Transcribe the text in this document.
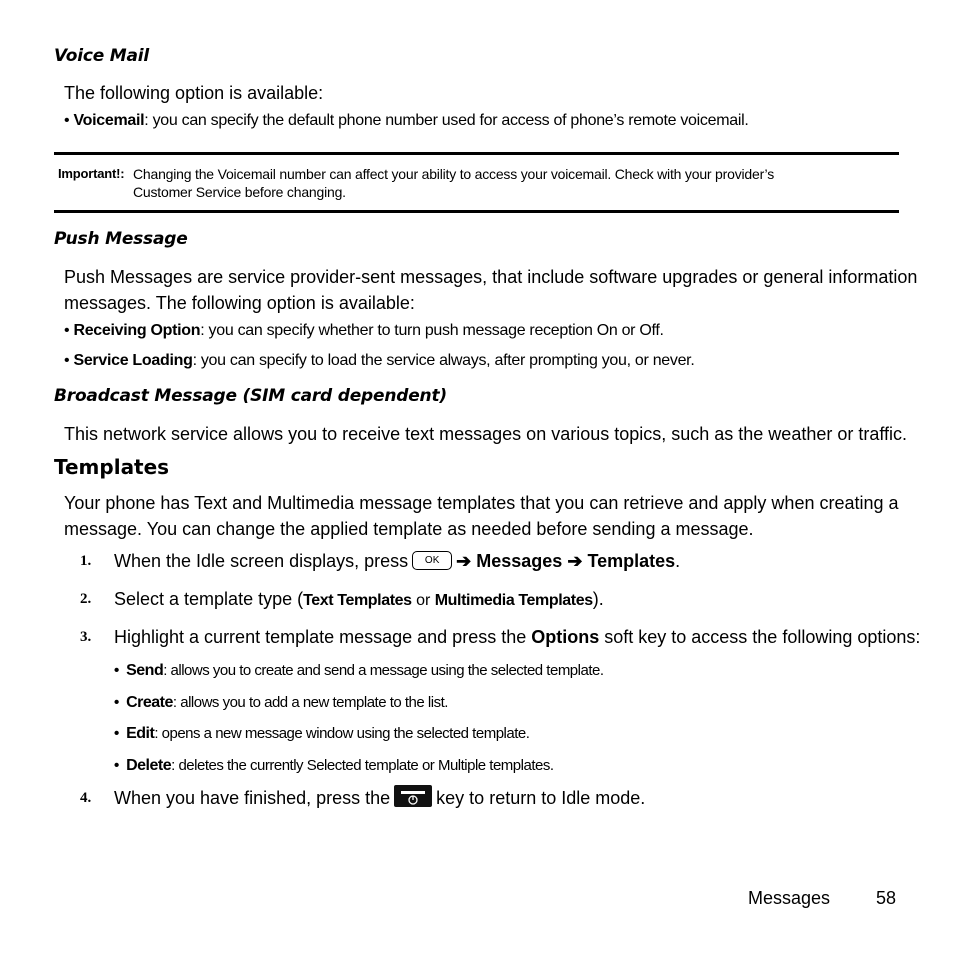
Voice Mail
The following option is available:
• Voicemail: you can specify the default phone number used for access of phone’s remote voicemail.
Important!: Changing the Voicemail number can affect your ability to access your voicemail. Check with your provider’s
Customer Service before changing.
Push Message
Push Messages are service provider-sent messages, that include software upgrades or general information
messages. The following option is available:
• Receiving Option: you can specify whether to turn push message reception On or Off.
• Service Loading: you can specify to load the service always, after prompting you, or never.
Broadcast Message (SIM card dependent)
This network service allows you to receive text messages on various topics, such as the weather or traffic.
Templates
Your phone has Text and Multimedia message templates that you can retrieve and apply when creating a
message. You can change the applied template as needed before sending a message.
1. When the Idle screen displays, press OK ➔ Messages ➔ Templates.
2. Select a template type (Text Templates or Multimedia Templates).
3. Highlight a current template message and press the Options soft key to access the following options:
•  Send: allows you to create and send a message using the selected template.
•  Create: allows you to add a new template to the list.
•  Edit: opens a new message window using the selected template.
•  Delete: deletes the currently Selected template or Multiple templates.
4. When you have finished, press the	key to return to Idle mode.
Messages	58
